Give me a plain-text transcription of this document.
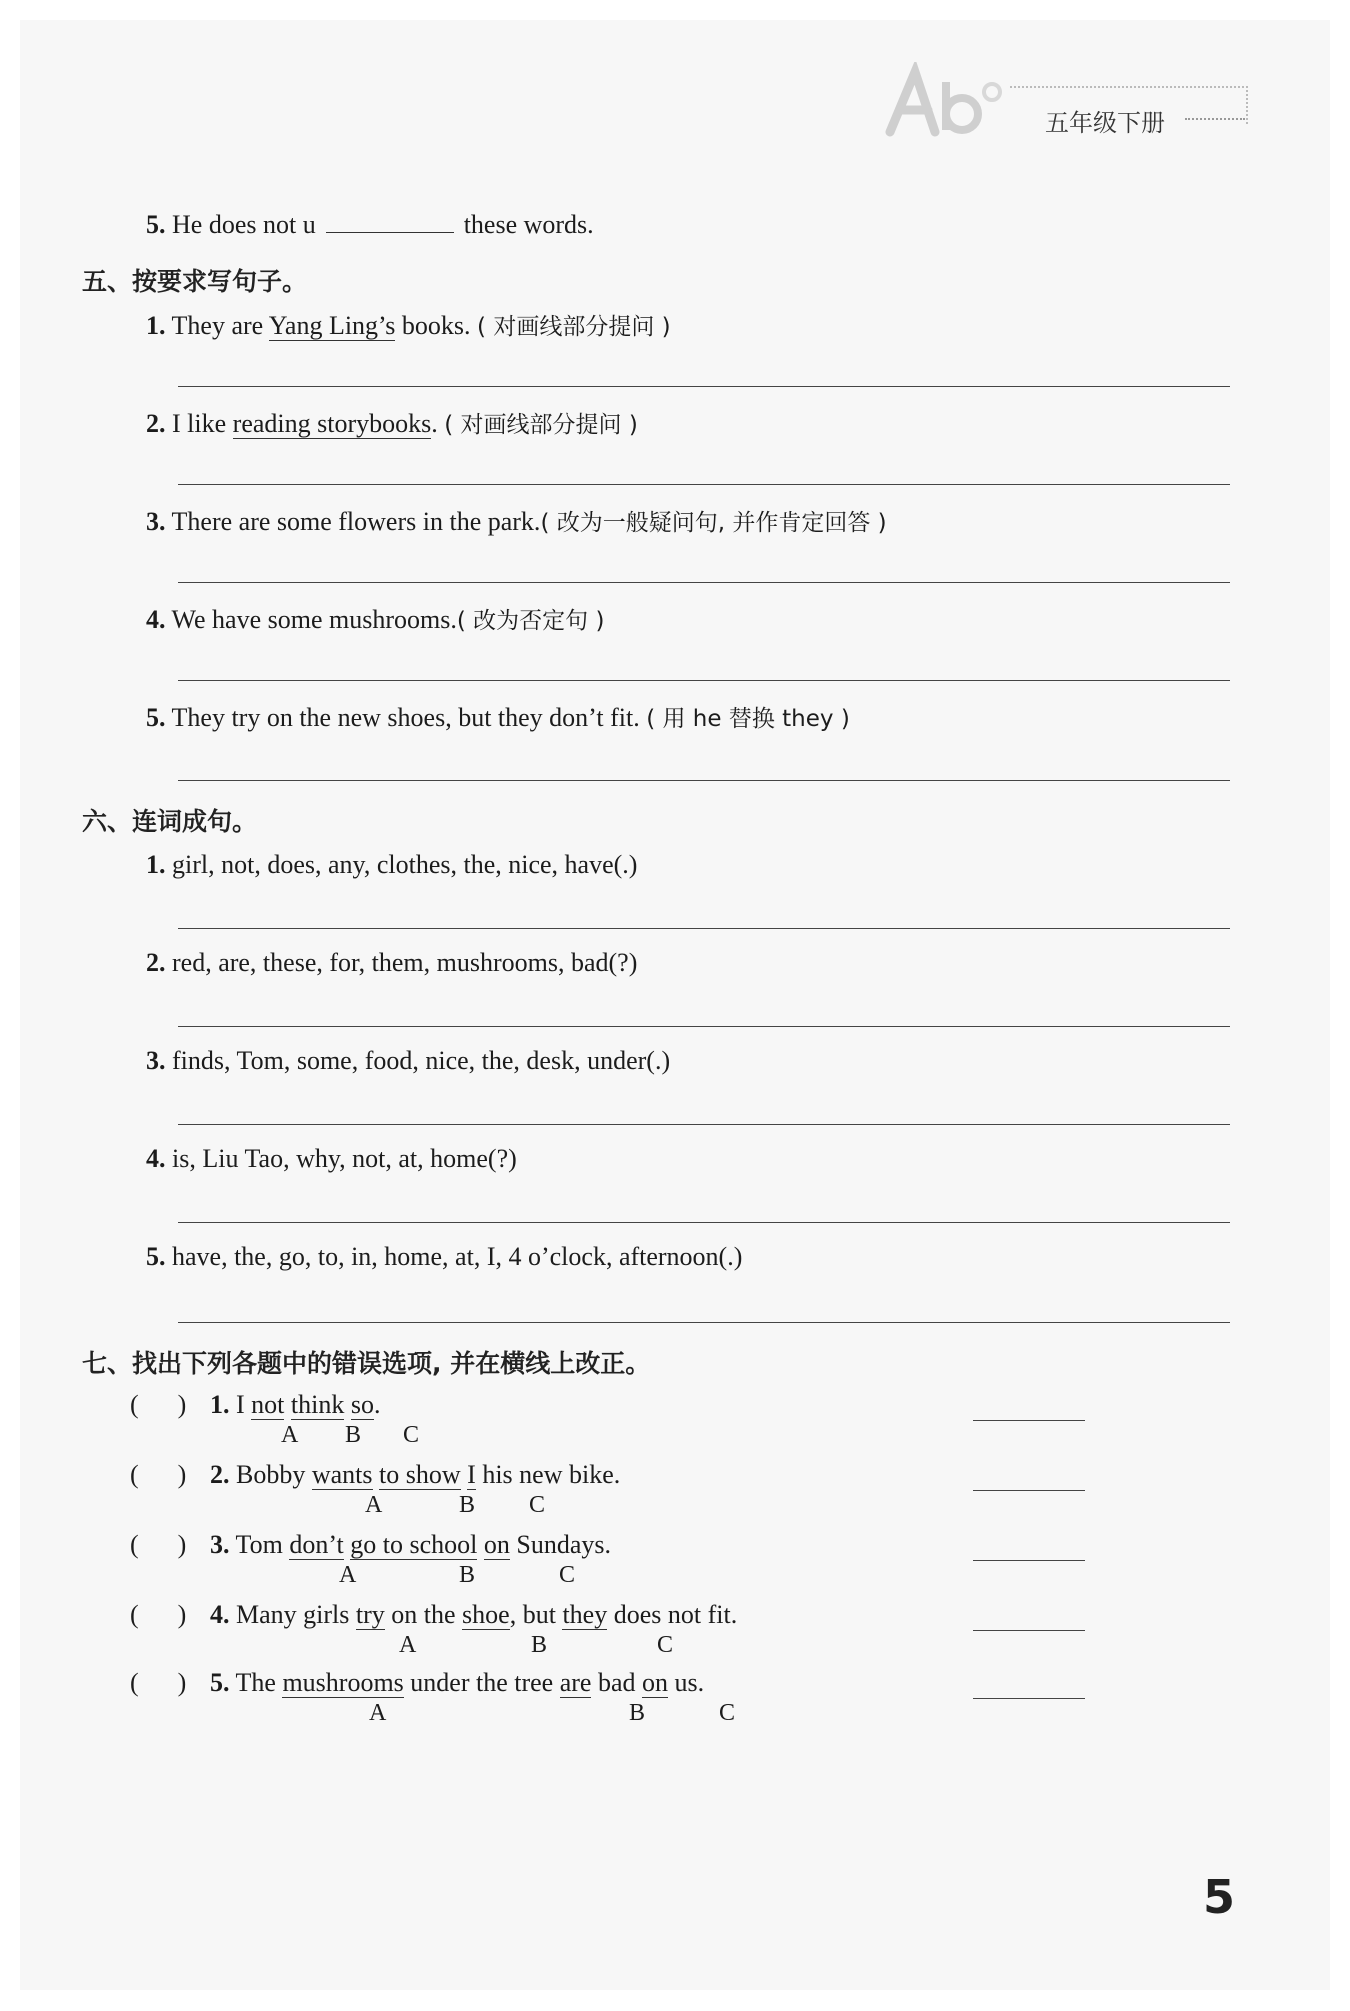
五年级下册
5. He does not u	these words.
五、按要求写句子。
1. They are Yang Ling’s books. ( 对画线部分提问 )
2. I like reading storybooks. ( 对画线部分提问 )
3. There are some flowers in the park.( 改为一般疑问句, 并作肯定回答 )
4. We have some mushrooms.( 改为否定句 )
5. They try on the new shoes, but they don’t fit. ( 用 he 替换 they )
六、连词成句。
1. girl, not, does, any, clothes, the, nice, have(.)
2. red, are, these, for, them, mushrooms, bad(?)
3. finds, Tom, some, food, nice, the, desk, under(.)
4. is, Liu Tao, why, not, at, home(?)
5. have, the, go, to, in, home, at, I, 4 o’clock, afternoon(.)
七、找出下列各题中的错误选项, 并在横线上改正。
(      ) 1. I not think so.
A B C
(      ) 2. Bobby wants to show I his new bike.
A	B C
(      ) 3. Tom don’t go to school on Sundays.
A	B	C
(      ) 4. Many girls try on the shoe, but they does not fit.
A	B	C
(      ) 5. The mushrooms under the tree are bad on us.
A	B	C
5
